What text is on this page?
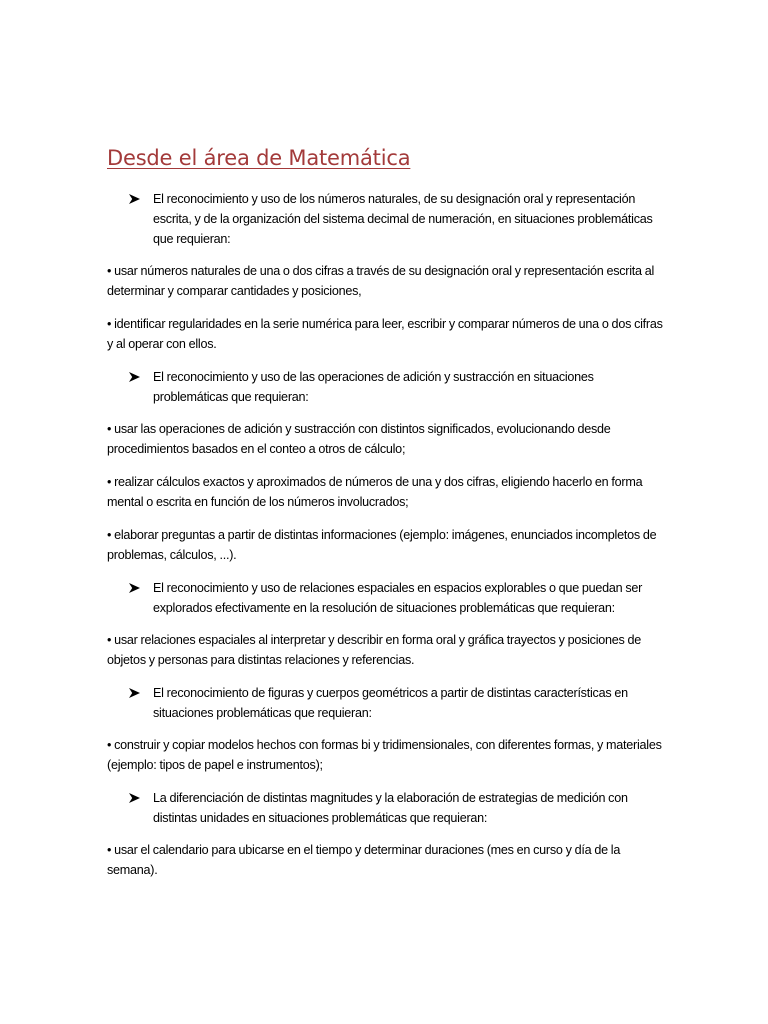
Desde el área de Matemática
El reconocimiento y uso de los números naturales, de su designación oral y representación escrita, y de la organización del sistema decimal de numeración, en situaciones problemáticas que requieran:
• usar números naturales de una o dos cifras a través de su designación oral y representación escrita al determinar y comparar cantidades y posiciones,
• identificar regularidades en la serie numérica para leer, escribir y comparar números de una o dos cifras y al operar con ellos.
El reconocimiento y uso de las operaciones de adición y sustracción en situaciones problemáticas que requieran:
• usar las operaciones de adición y sustracción con distintos significados, evolucionando desde procedimientos basados en el conteo a otros de cálculo;
• realizar cálculos exactos y aproximados de números de una y dos cifras, eligiendo hacerlo en forma mental o escrita en función de los números involucrados;
• elaborar preguntas a partir de distintas informaciones (ejemplo: imágenes, enunciados incompletos de problemas, cálculos, ...).
El reconocimiento y uso de relaciones espaciales en espacios explorables o que puedan ser explorados efectivamente en la resolución de situaciones problemáticas que requieran:
• usar relaciones espaciales al interpretar y describir en forma oral y gráfica trayectos y posiciones de objetos y personas para distintas relaciones y referencias.
El reconocimiento de figuras y cuerpos geométricos a partir de distintas características en situaciones problemáticas que requieran:
• construir y copiar modelos hechos con formas bi y tridimensionales, con diferentes formas, y materiales (ejemplo: tipos de papel e instrumentos);
La diferenciación de distintas magnitudes y la elaboración de estrategias de medición con distintas unidades en situaciones problemáticas que requieran:
• usar el calendario para ubicarse en el tiempo y determinar duraciones (mes en curso y día de la semana).
